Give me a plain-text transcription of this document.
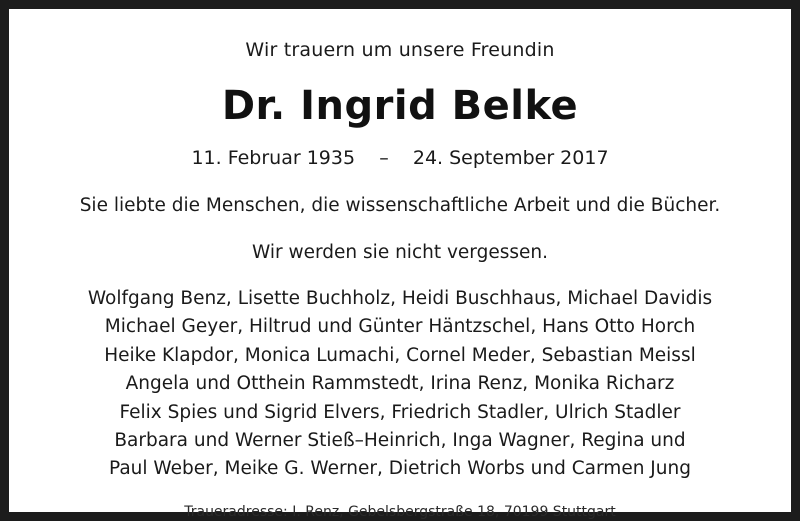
Wir trauern um unsere Freundin
Dr. Ingrid Belke
11. Februar 1935    –    24. September 2017
Sie liebte die Menschen, die wissenschaftliche Arbeit und die Bücher.
Wir werden sie nicht vergessen.
Wolfgang Benz, Lisette Buchholz, Heidi Buschhaus, Michael Davidis
Michael Geyer, Hiltrud und Günter Häntzschel, Hans Otto Horch
Heike Klapdor, Monica Lumachi, Cornel Meder, Sebastian Meissl
Angela und Otthein Rammstedt, Irina Renz, Monika Richarz
Felix Spies und Sigrid Elvers, Friedrich Stadler, Ulrich Stadler
Barbara und Werner Stieß–Heinrich, Inga Wagner, Regina und
Paul Weber, Meike G. Werner, Dietrich Worbs und Carmen Jung
Traueradresse: I. Renz, Gebelsbergstraße 18, 70199 Stuttgart
